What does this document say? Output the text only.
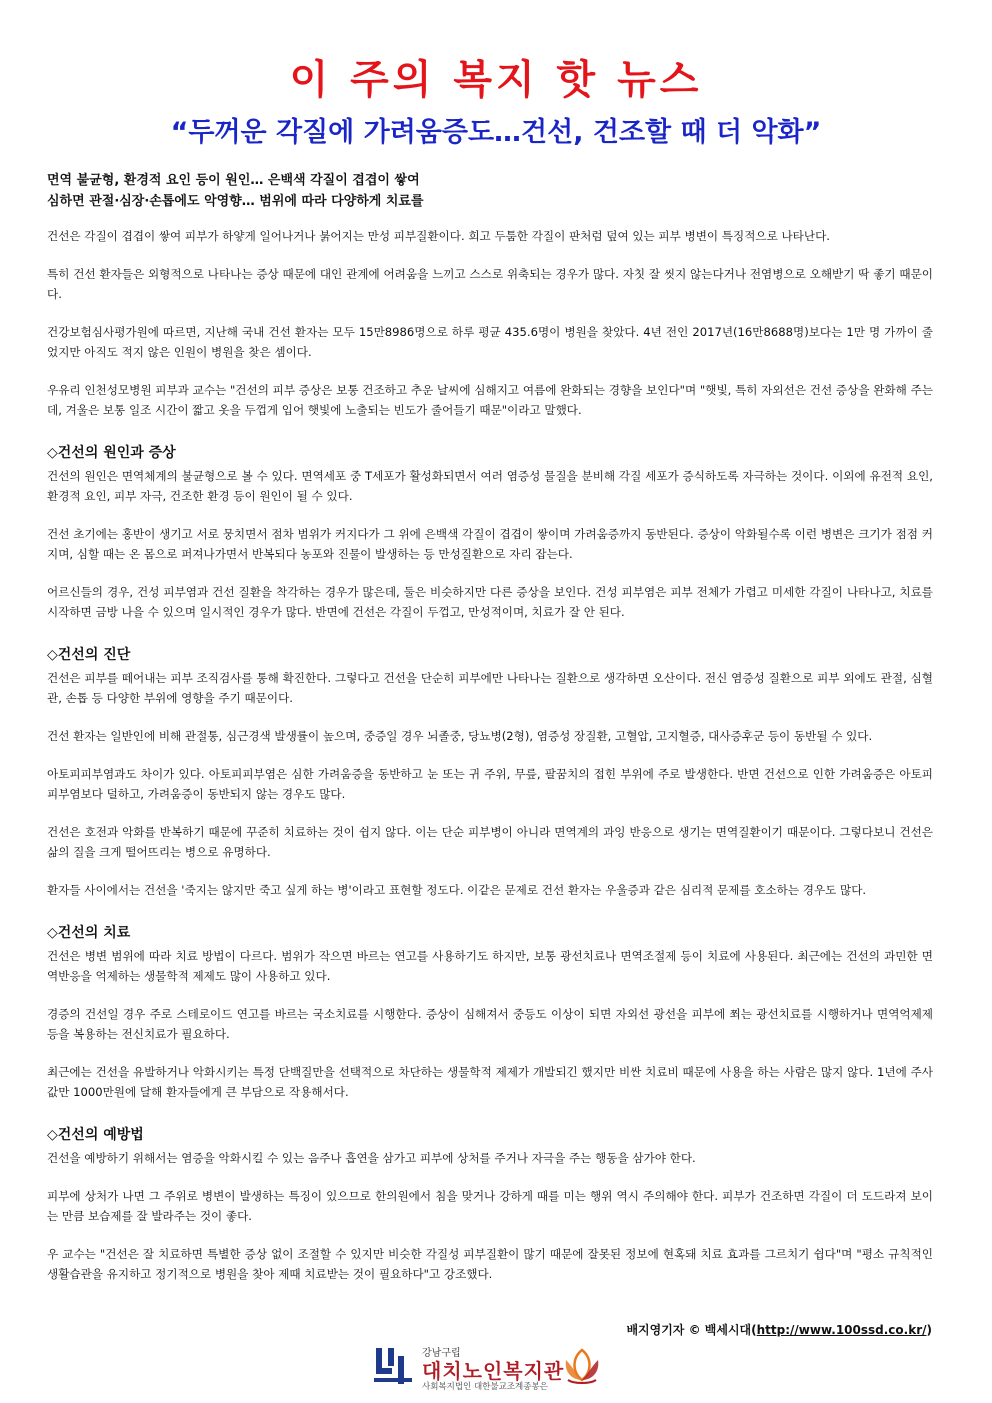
이 주의 복지 핫 뉴스
“두꺼운 각질에 가려움증도…건선, 건조할 때 더 악화”
면역 불균형, 환경적 요인 등이 원인… 은백색 각질이 겹겹이 쌓여
심하면 관절·심장·손톱에도 악영향… 범위에 따라 다양하게 치료를

건선은 각질이 겹겹이 쌓여 피부가 하얗게 일어나거나 붉어지는 만성 피부질환이다. 희고 두툼한 각질이 판처럼 덮여 있는 피부 병변이 특징적으로 나타난다.

특히 건선 환자들은 외형적으로 나타나는 증상 때문에 대인 관계에 어려움을 느끼고 스스로 위축되는 경우가 많다. 자칫 잘 씻지 않는다거나 전염병으로 오해받기 딱 좋기 때문이다.

건강보험심사평가원에 따르면, 지난해 국내 건선 환자는 모두 15만8986명으로 하루 평균 435.6명이 병원을 찾았다. 4년 전인 2017년(16만8688명)보다는 1만 명 가까이 줄었지만 아직도 적지 않은 인원이 병원을 찾은 셈이다.

우유리 인천성모병원 피부과 교수는 "건선의 피부 증상은 보통 건조하고 추운 날씨에 심해지고 여름에 완화되는 경향을 보인다"며 "햇빛, 특히 자외선은 건선 증상을 완화해 주는데, 겨울은 보통 일조 시간이 짧고 옷을 두껍게 입어 햇빛에 노출되는 빈도가 줄어들기 때문"이라고 말했다.

◇건선의 원인과 증상

건선의 원인은 면역체계의 불균형으로 볼 수 있다. 면역세포 중 T세포가 활성화되면서 여러 염증성 물질을 분비해 각질 세포가 증식하도록 자극하는 것이다. 이외에 유전적 요인, 환경적 요인, 피부 자극, 건조한 환경 등이 원인이 될 수 있다.

건선 초기에는 홍반이 생기고 서로 뭉치면서 점차 범위가 커지다가 그 위에 은백색 각질이 겹겹이 쌓이며 가려움증까지 동반된다. 증상이 악화될수록 이런 병변은 크기가 점점 커지며, 심할 때는 온 몸으로 퍼져나가면서 반복되다 농포와 진물이 발생하는 등 만성질환으로 자리 잡는다.

어르신들의 경우, 건성 피부염과 건선 질환을 착각하는 경우가 많은데, 둘은 비슷하지만 다른 증상을 보인다. 건성 피부염은 피부 전체가 가렵고 미세한 각질이 나타나고, 치료를 시작하면 금방 나을 수 있으며 일시적인 경우가 많다. 반면에 건선은 각질이 두껍고, 만성적이며, 치료가 잘 안 된다.

◇건선의 진단

건선은 피부를 떼어내는 피부 조직검사를 통해 확진한다. 그렇다고 건선을 단순히 피부에만 나타나는 질환으로 생각하면 오산이다. 전신 염증성 질환으로 피부 외에도 관절, 심혈관, 손톱 등 다양한 부위에 영향을 주기 때문이다.

건선 환자는 일반인에 비해 관절통, 심근경색 발생률이 높으며, 중증일 경우 뇌졸중, 당뇨병(2형), 염증성 장질환, 고혈압, 고지혈증, 대사증후군 등이 동반될 수 있다.

아토피피부염과도 차이가 있다. 아토피피부염은 심한 가려움증을 동반하고 눈 또는 귀 주위, 무릎, 팔꿈치의 접힌 부위에 주로 발생한다. 반면 건선으로 인한 가려움증은 아토피피부염보다 덜하고, 가려움증이 동반되지 않는 경우도 많다.

건선은 호전과 악화를 반복하기 때문에 꾸준히 치료하는 것이 쉽지 않다. 이는 단순 피부병이 아니라 면역계의 과잉 반응으로 생기는 면역질환이기 때문이다. 그렇다보니 건선은 삶의 질을 크게 떨어뜨리는 병으로 유명하다.

환자들 사이에서는 건선을 '죽지는 않지만 죽고 싶게 하는 병'이라고 표현할 정도다. 이같은 문제로 건선 환자는 우울증과 같은 심리적 문제를 호소하는 경우도 많다.

◇건선의 치료

건선은 병변 범위에 따라 치료 방법이 다르다. 범위가 작으면 바르는 연고를 사용하기도 하지만, 보통 광선치료나 면역조절제 등이 치료에 사용된다. 최근에는 건선의 과민한 면역반응을 억제하는 생물학적 제제도 많이 사용하고 있다.

경증의 건선일 경우 주로 스테로이드 연고를 바르는 국소치료를 시행한다. 증상이 심해져서 중등도 이상이 되면 자외선 광선을 피부에 쬐는 광선치료를 시행하거나 면역억제제 등을 복용하는 전신치료가 필요하다.

최근에는 건선을 유발하거나 악화시키는 특정 단백질만을 선택적으로 차단하는 생물학적 제제가 개발되긴 했지만 비싼 치료비 때문에 사용을 하는 사람은 많지 않다. 1년에 주사값만 1000만원에 달해 환자들에게 큰 부담으로 작용해서다.

◇건선의 예방법

건선을 예방하기 위해서는 염증을 악화시킬 수 있는 음주나 흡연을 삼가고 피부에 상처를 주거나 자극을 주는 행동을 삼가야 한다.

피부에 상처가 나면 그 주위로 병변이 발생하는 특징이 있으므로 한의원에서 침을 맞거나 강하게 때를 미는 행위 역시 주의해야 한다. 피부가 건조하면 각질이 더 도드라져 보이는 만큼 보습제를 잘 발라주는 것이 좋다.

우 교수는 "건선은 잘 치료하면 특별한 증상 없이 조절할 수 있지만 비슷한 각질성 피부질환이 많기 때문에 잘못된 정보에 현혹돼 치료 효과를 그르치기 쉽다"며 "평소 규칙적인 생활습관을 유지하고 정기적으로 병원을 찾아 제때 치료받는 것이 필요하다"고 강조했다.

배지영기자 © 백세시대(http://www.100ssd.co.kr/)
강남구립
대치노인복지관
사회복지법인 대한불교조계종봉은
